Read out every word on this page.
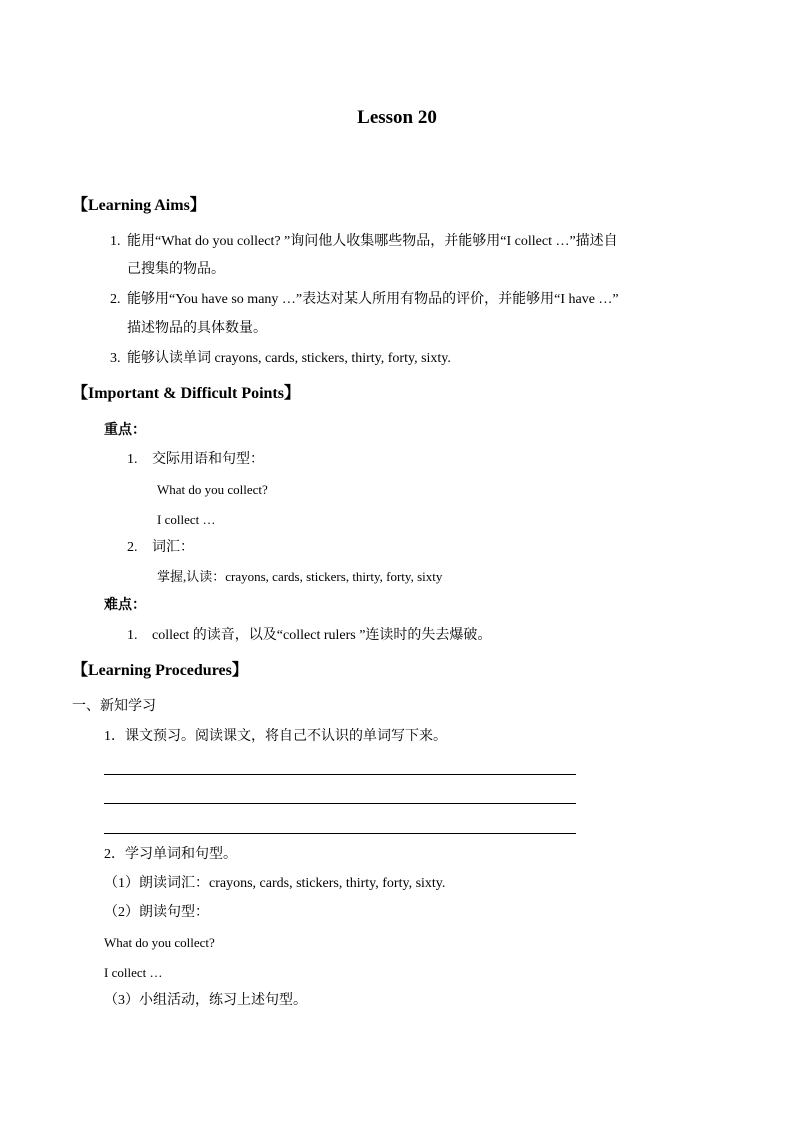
Lesson 20
【Learning Aims】
1. 能用“What do you collect? ”询问他人收集哪些物品，并能够用“I collect …”描述自
己搜集的物品。
2. 能够用“You have so many …”表达对某人所用有物品的评价，并能够用“I have …”
描述物品的具体数量。
3. 能够认读单词 crayons, cards, stickers, thirty, forty, sixty.
【Important & Difficult Points】
重点：
1. 交际用语和句型：
What do you collect?
I collect …
2. 词汇：
掌握,认读：crayons, cards, stickers, thirty, forty, sixty
难点：
1. collect 的读音，以及“collect rulers ”连读时的失去爆破。
【Learning Procedures】
一、新知学习
1．课文预习。阅读课文，将自己不认识的单词写下来。
2．学习单词和句型。
（1）朗读词汇：crayons, cards, stickers, thirty, forty, sixty.
（2）朗读句型：
What do you collect?
I collect …
（3）小组活动，练习上述句型。
